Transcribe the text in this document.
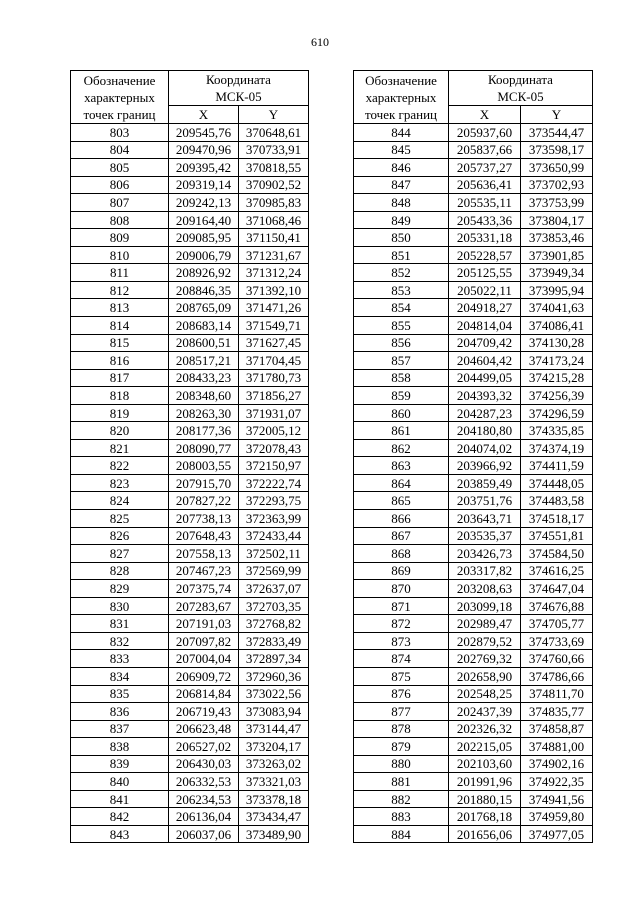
610
Обозначение
характерных
точек границ	Координата
МСК-05	
	X	Y
803	209545,76	370648,61
804	209470,96	370733,91
805	209395,42	370818,55
806	209319,14	370902,52
807	209242,13	370985,83
808	209164,40	371068,46
809	209085,95	371150,41
810	209006,79	371231,67
811	208926,92	371312,24
812	208846,35	371392,10
813	208765,09	371471,26
814	208683,14	371549,71
815	208600,51	371627,45
816	208517,21	371704,45
817	208433,23	371780,73
818	208348,60	371856,27
819	208263,30	371931,07
820	208177,36	372005,12
821	208090,77	372078,43
822	208003,55	372150,97
823	207915,70	372222,74
824	207827,22	372293,75
825	207738,13	372363,99
826	207648,43	372433,44
827	207558,13	372502,11
828	207467,23	372569,99
829	207375,74	372637,07
830	207283,67	372703,35
831	207191,03	372768,82
832	207097,82	372833,49
833	207004,04	372897,34
834	206909,72	372960,36
835	206814,84	373022,56
836	206719,43	373083,94
837	206623,48	373144,47
838	206527,02	373204,17
839	206430,03	373263,02
840	206332,53	373321,03
841	206234,53	373378,18
842	206136,04	373434,47
843	206037,06	373489,90
Обозначение
характерных
точек границ	Координата
МСК-05	
	X	Y
844	205937,60	373544,47
845	205837,66	373598,17
846	205737,27	373650,99
847	205636,41	373702,93
848	205535,11	373753,99
849	205433,36	373804,17
850	205331,18	373853,46
851	205228,57	373901,85
852	205125,55	373949,34
853	205022,11	373995,94
854	204918,27	374041,63
855	204814,04	374086,41
856	204709,42	374130,28
857	204604,42	374173,24
858	204499,05	374215,28
859	204393,32	374256,39
860	204287,23	374296,59
861	204180,80	374335,85
862	204074,02	374374,19
863	203966,92	374411,59
864	203859,49	374448,05
865	203751,76	374483,58
866	203643,71	374518,17
867	203535,37	374551,81
868	203426,73	374584,50
869	203317,82	374616,25
870	203208,63	374647,04
871	203099,18	374676,88
872	202989,47	374705,77
873	202879,52	374733,69
874	202769,32	374760,66
875	202658,90	374786,66
876	202548,25	374811,70
877	202437,39	374835,77
878	202326,32	374858,87
879	202215,05	374881,00
880	202103,60	374902,16
881	201991,96	374922,35
882	201880,15	374941,56
883	201768,18	374959,80
884	201656,06	374977,05
